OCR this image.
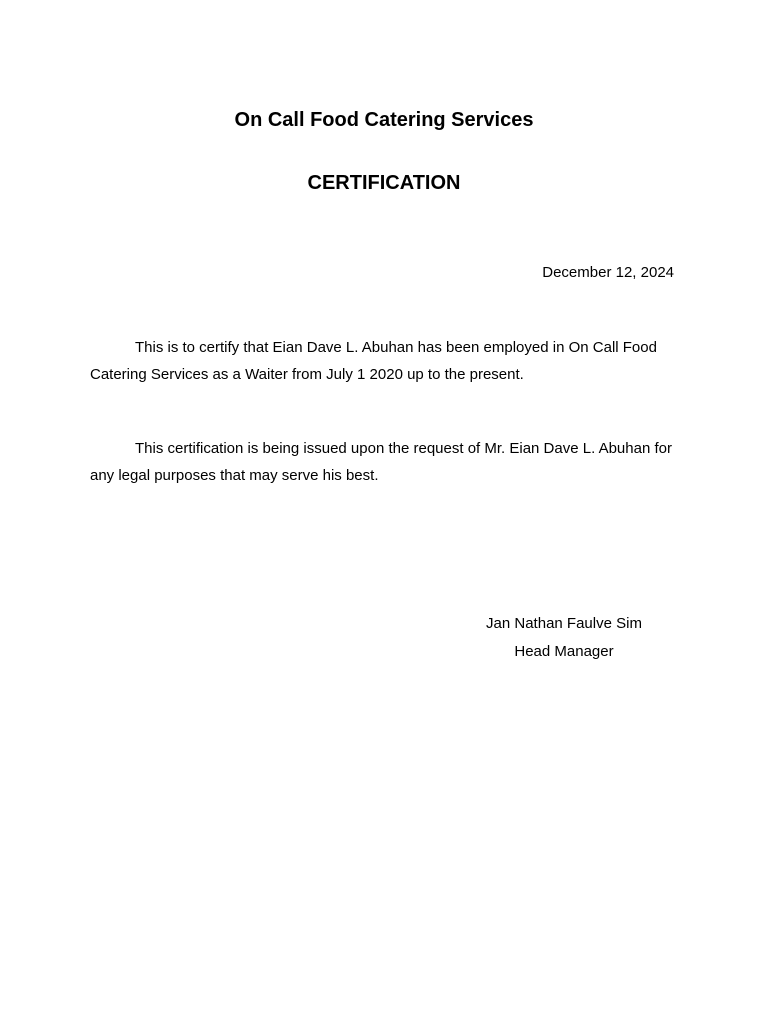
On Call Food Catering Services
CERTIFICATION
December 12, 2024

This is to certify that Eian Dave L. Abuhan has been employed in On Call Food Catering Services as a Waiter from July 1 2020 up to the present.

This certification is being issued upon the request of Mr. Eian Dave L. Abuhan for any legal purposes that may serve his best.

Jan Nathan Faulve Sim
Head Manager
